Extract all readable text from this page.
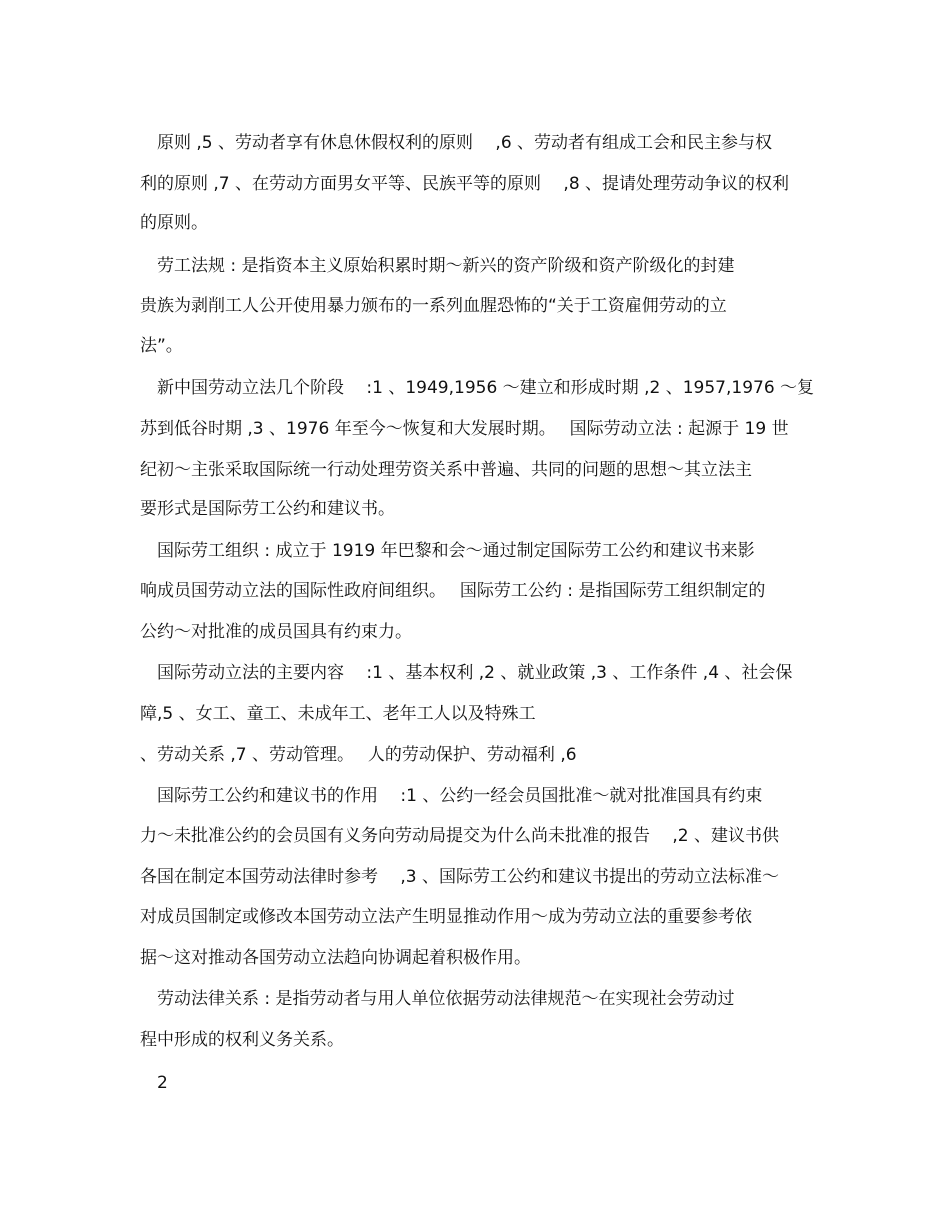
　原则 ,5 、劳动者享有休息休假权利的原则 　,6 、劳动者有组成工会和民主参与权
利的原则 ,7 、在劳动方面男女平等、民族平等的原则 　,8 、提请处理劳动争议的权利
的原则。
　劳工法规 : 是指资本主义原始积累时期～新兴的资产阶级和资产阶级化的封建
贵族为剥削工人公开使用暴力颁布的一系列血腥恐怖的“关于工资雇佣劳动的立
法”。
　新中国劳动立法几个阶段 　:1 、1949,1956 ～建立和形成时期 ,2 、1957,1976 ～复
苏到低谷时期 ,3 、1976 年至今～恢复和大发展时期。　 国际劳动立法 : 起源于 19 世
纪初～主张采取国际统一行动处理劳资关系中普遍、共同的问题的思想～其立法主
要形式是国际劳工公约和建议书。
　国际劳工组织 : 成立于 1919 年巴黎和会～通过制定国际劳工公约和建议书来影
响成员国劳动立法的国际性政府间组织。　 国际劳工公约 : 是指国际劳工组织制定的
公约～对批准的成员国具有约束力。
　国际劳动立法的主要内容 　:1 、基本权利 ,2 、就业政策 ,3 、工作条件 ,4 、社会保
障,5 、女工、童工、未成年工、老年工人以及特殊工
、劳动关系 ,7 、劳动管理。　 人的劳动保护、劳动福利 ,6
　国际劳工公约和建议书的作用 　:1 、公约一经会员国批准～就对批准国具有约束
力～未批准公约的会员国有义务向劳动局提交为什么尚未批准的报告 　,2 、建议书供
各国在制定本国劳动法律时参考 　,3 、国际劳工公约和建议书提出的劳动立法标准～
对成员国制定或修改本国劳动立法产生明显推动作用～成为劳动立法的重要参考依
据～这对推动各国劳动立法趋向协调起着积极作用。
　劳动法律关系 : 是指劳动者与用人单位依据劳动法律规范～在实现社会劳动过
程中形成的权利义务关系。
　2
